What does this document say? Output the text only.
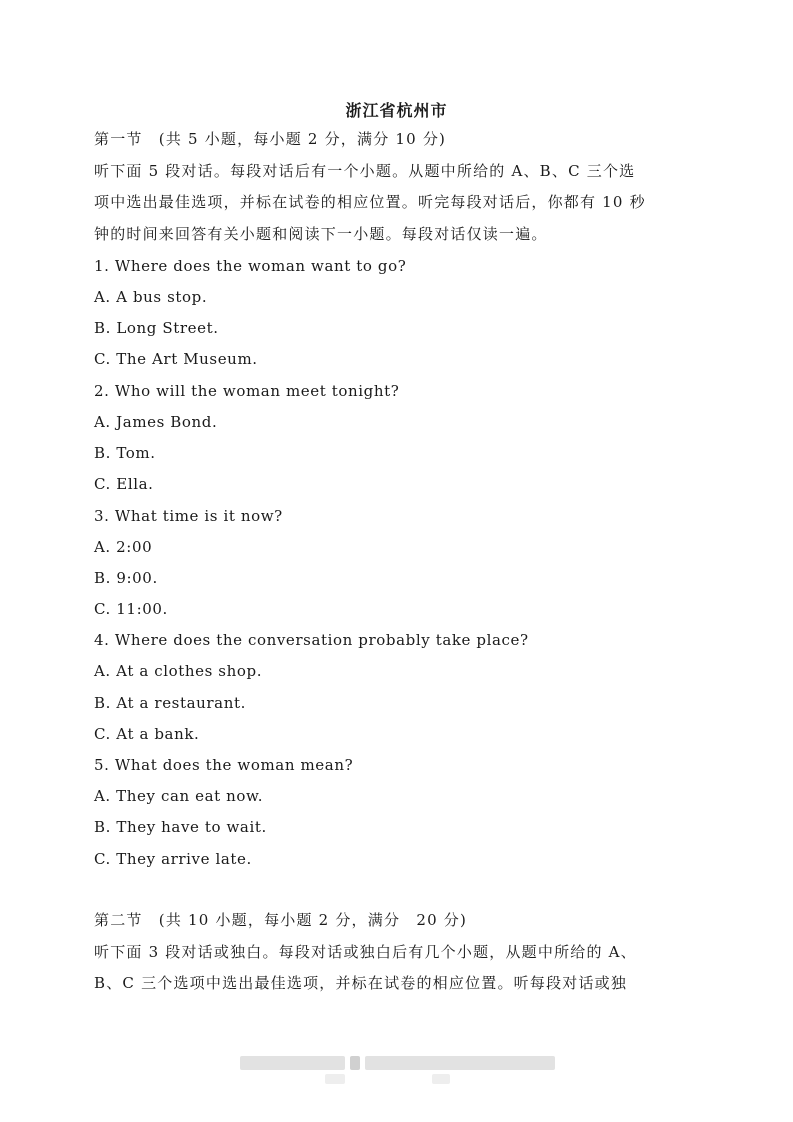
浙江省杭州市
第一节　(共 5 小题，每小题 2 分，满分 10 分)
听下面 5 段对话。每段对话后有一个小题。从题中所给的 A、B、C 三个选
项中选出最佳选项，并标在试卷的相应位置。听完每段对话后，你都有 10 秒
钟的时间来回答有关小题和阅读下一小题。每段对话仅读一遍。
1. Where does the woman want to go?
A. A bus stop.
B. Long Street.
C. The Art Museum.
2. Who will the woman meet tonight?
A. James Bond.
B. Tom.
C. Ella.
3. What time is it now?
A. 2:00
B. 9:00.
C. 11:00.
4. Where does the conversation probably take place?
A. At a clothes shop.
B. At a restaurant.
C. At a bank.
5. What does the woman mean?
A. They can eat now.
B. They have to wait.
C. They arrive late.
第二节　(共 10 小题，每小题 2 分，满分　20 分)
听下面 3 段对话或独白。每段对话或独白后有几个小题，从题中所给的 A、
B、C 三个选项中选出最佳选项，并标在试卷的相应位置。听每段对话或独
